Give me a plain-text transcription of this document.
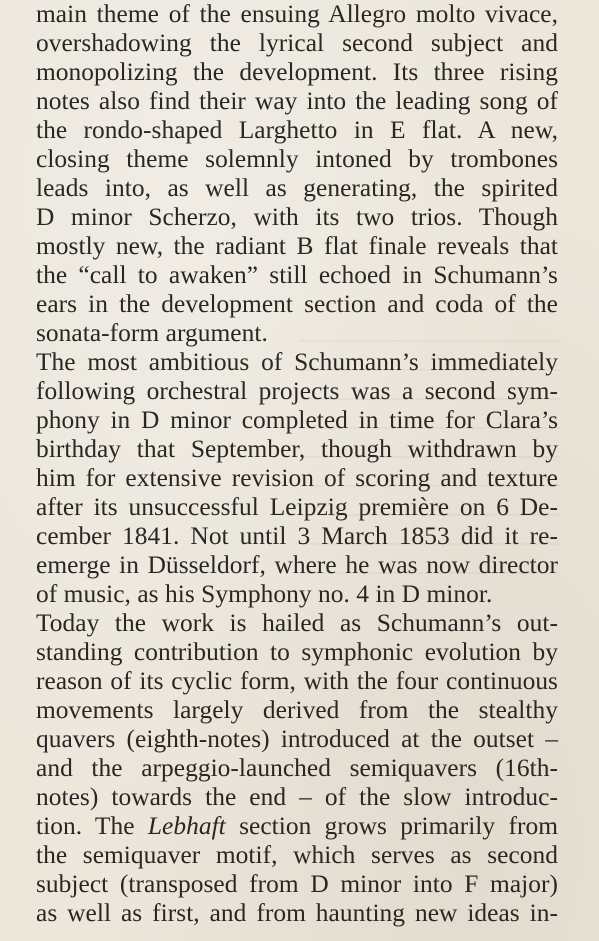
main theme of the ensuing Allegro molto vivace,
overshadowing the lyrical second subject and
monopolizing the development. Its three rising
notes also find their way into the leading song of
the rondo-shaped Larghetto in E flat. A new,
closing theme solemnly intoned by trombones
leads into, as well as generating, the spirited
D minor Scherzo, with its two trios. Though
mostly new, the radiant B flat finale reveals that
the “call to awaken” still echoed in Schumann’s
ears in the development section and coda of the
sonata-form argument.
The most ambitious of Schumann’s immediately
following orchestral projects was a second sym-
phony in D minor completed in time for Clara’s
birthday that September, though withdrawn by
him for extensive revision of scoring and texture
after its unsuccessful Leipzig première on 6 De-
cember 1841. Not until 3 March 1853 did it re-
emerge in Düsseldorf, where he was now director
of music, as his Symphony no. 4 in D minor.
Today the work is hailed as Schumann’s out-
standing contribution to symphonic evolution by
reason of its cyclic form, with the four continuous
movements largely derived from the stealthy
quavers (eighth-notes) introduced at the outset –
and the arpeggio-launched semiquavers (16th-
notes) towards the end – of the slow introduc-
tion. The Lebhaft section grows primarily from
the semiquaver motif, which serves as second
subject (transposed from D minor into F major)
as well as first, and from haunting new ideas in-
